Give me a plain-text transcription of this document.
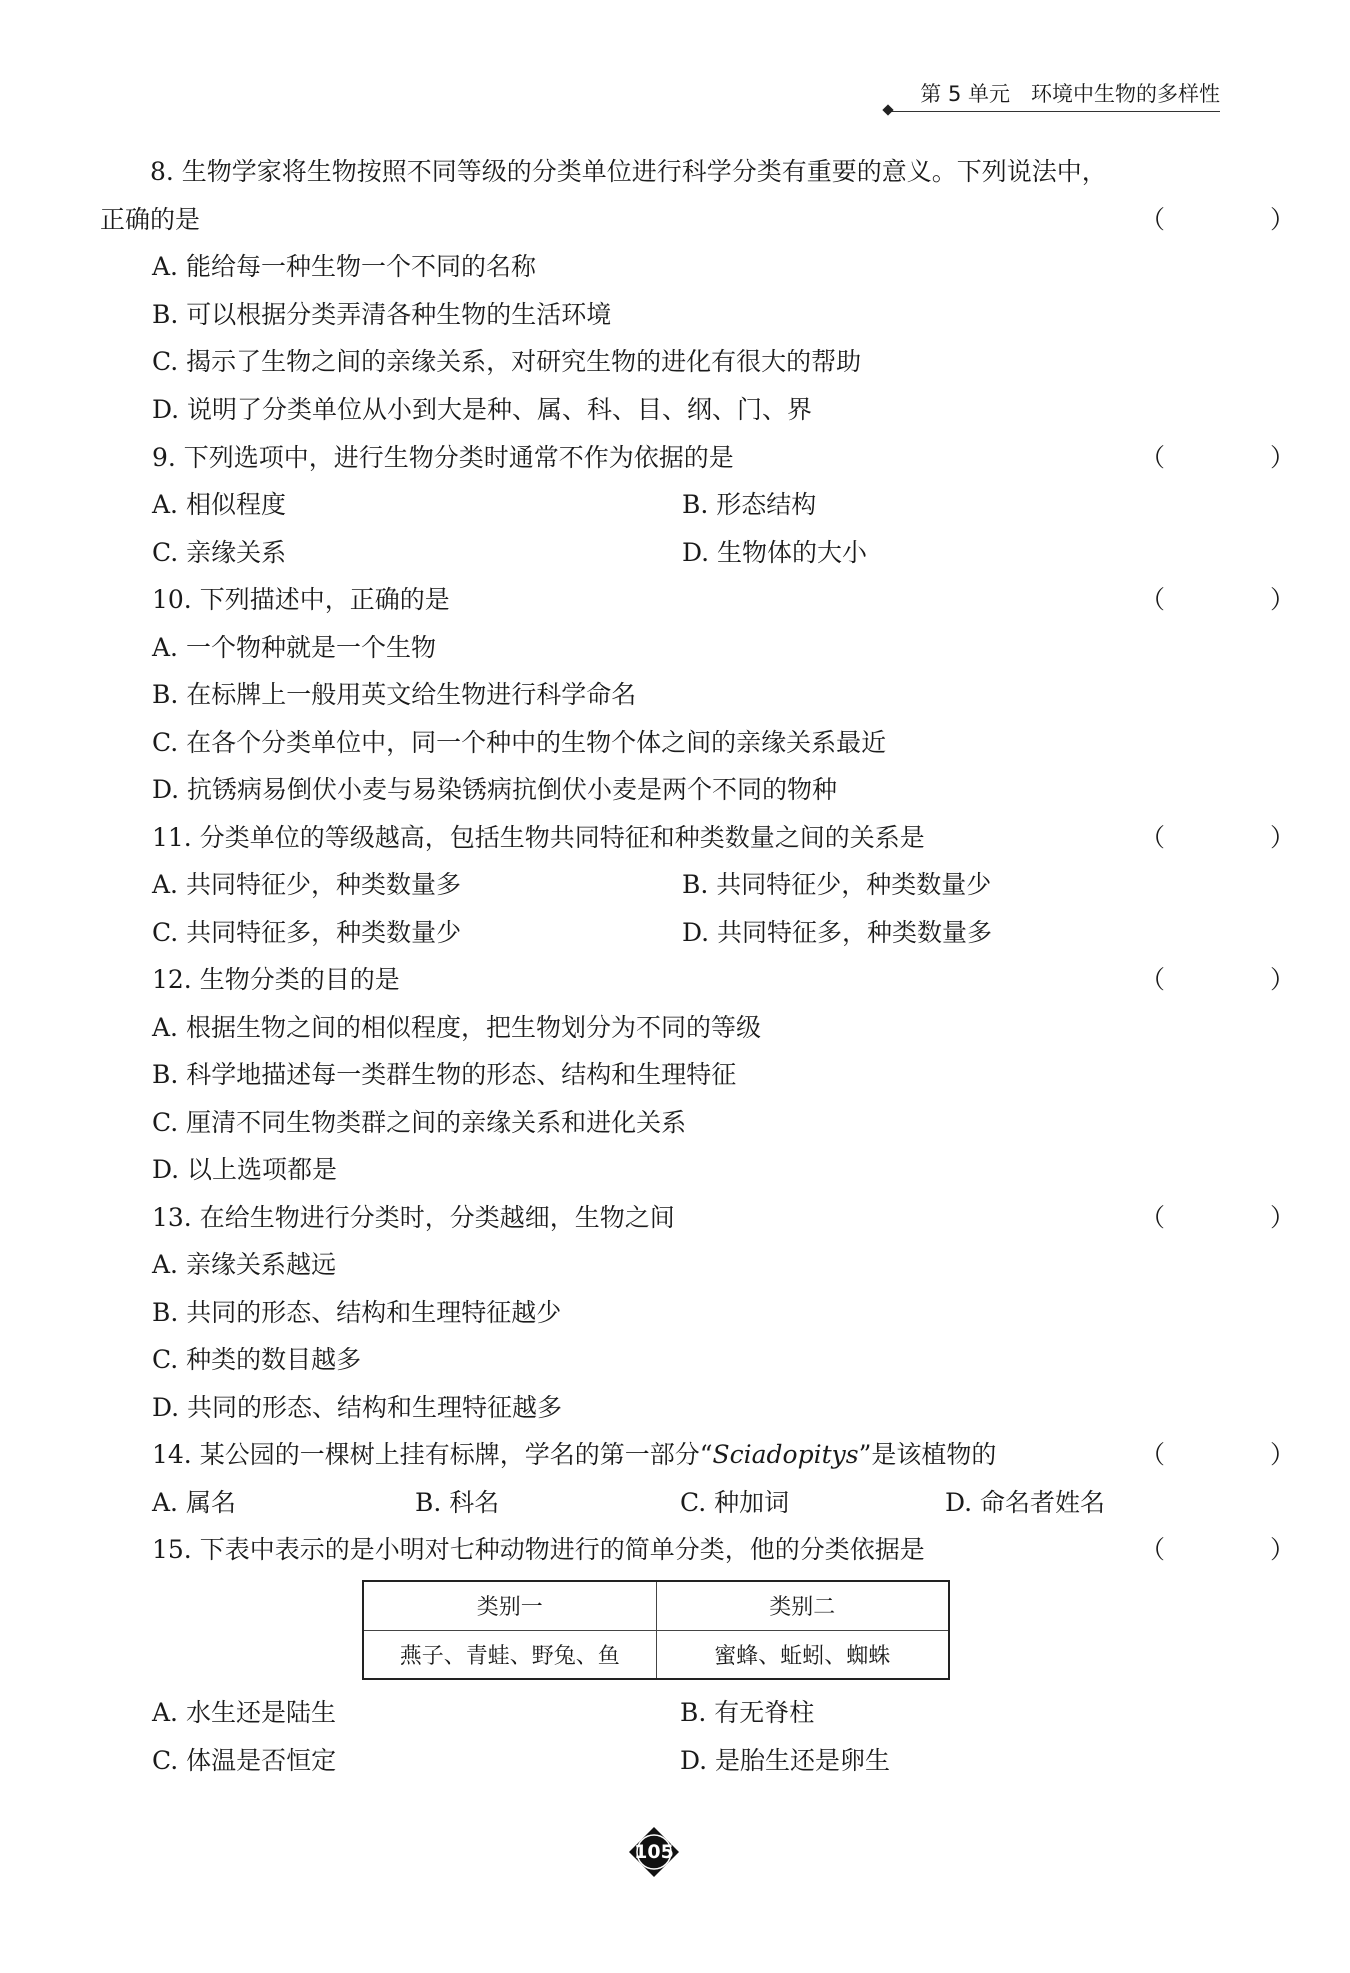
第 5 单元　环境中生物的多样性
8. 生物学家将生物按照不同等级的分类单位进行科学分类有重要的意义。下列说法中，
正确的是	（　）
A. 能给每一种生物一个不同的名称
B. 可以根据分类弄清各种生物的生活环境
C. 揭示了生物之间的亲缘关系，对研究生物的进化有很大的帮助
D. 说明了分类单位从小到大是种、属、科、目、纲、门、界
9. 下列选项中，进行生物分类时通常不作为依据的是	（　）
A. 相似程度	B. 形态结构
C. 亲缘关系	D. 生物体的大小
10. 下列描述中，正确的是	（　）
A. 一个物种就是一个生物
B. 在标牌上一般用英文给生物进行科学命名
C. 在各个分类单位中，同一个种中的生物个体之间的亲缘关系最近
D. 抗锈病易倒伏小麦与易染锈病抗倒伏小麦是两个不同的物种
11. 分类单位的等级越高，包括生物共同特征和种类数量之间的关系是	（　）
A. 共同特征少，种类数量多	B. 共同特征少，种类数量少
C. 共同特征多，种类数量少	D. 共同特征多，种类数量多
12. 生物分类的目的是	（　）
A. 根据生物之间的相似程度，把生物划分为不同的等级
B. 科学地描述每一类群生物的形态、结构和生理特征
C. 厘清不同生物类群之间的亲缘关系和进化关系
D. 以上选项都是
13. 在给生物进行分类时，分类越细，生物之间	（　）
A. 亲缘关系越远
B. 共同的形态、结构和生理特征越少
C. 种类的数目越多
D. 共同的形态、结构和生理特征越多
14. 某公园的一棵树上挂有标牌，学名的第一部分“Sciadopitys”是该植物的	（　）
A. 属名	B. 科名	C. 种加词	D. 命名者姓名
15. 下表中表示的是小明对七种动物进行的简单分类，他的分类依据是	（　）
类别一	类别二
燕子、青蛙、野兔、鱼	蜜蜂、蚯蚓、蜘蛛
A. 水生还是陆生	B. 有无脊柱
C. 体温是否恒定	D. 是胎生还是卵生
105
